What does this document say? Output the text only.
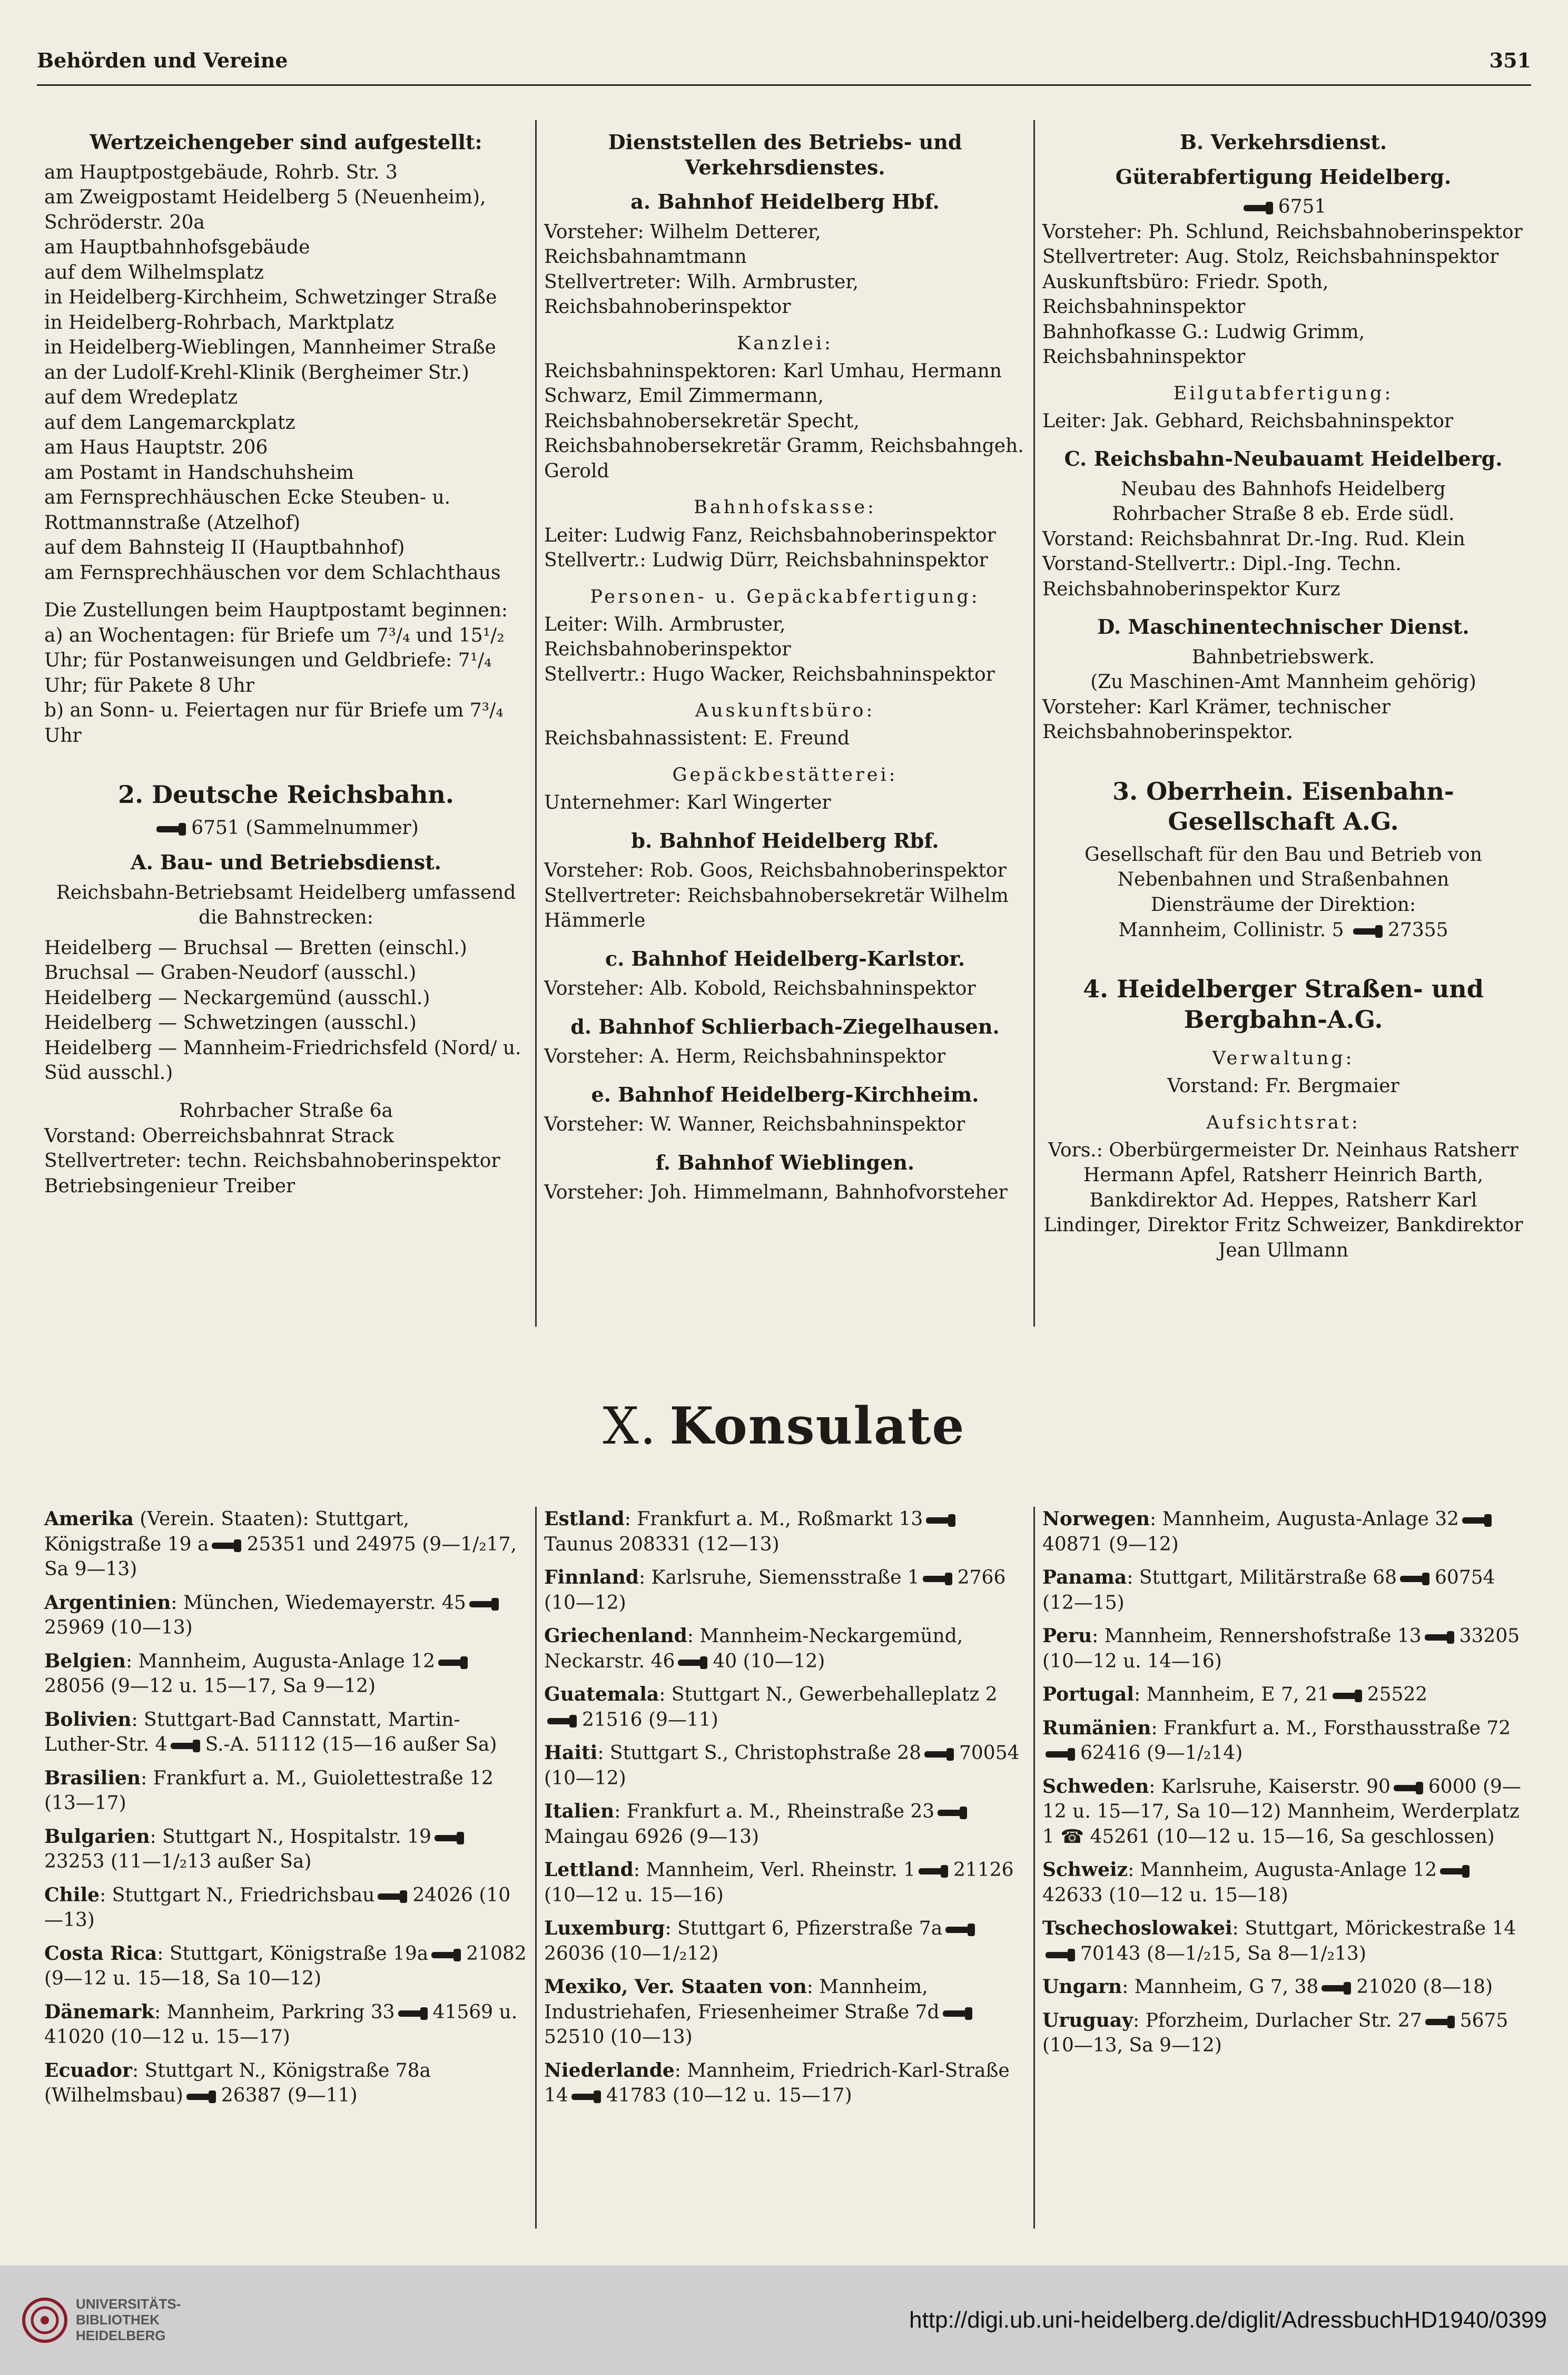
Behörden und Vereine	351

Wertzeichengeber sind aufgestellt:

am Hauptpostgebäude, Rohrb. Str. 3

am Zweigpostamt Heidelberg 5 (Neuenheim), Schröderstr. 20a

am Hauptbahnhofsgebäude

auf dem Wilhelmsplatz

in Heidelberg-Kirchheim, Schwetzinger Straße

in Heidelberg-Rohrbach, Marktplatz

in Heidelberg-Wieblingen, Mannheimer Straße

an der Ludolf-Krehl-Klinik (Bergheimer Str.)

auf dem Wredeplatz

auf dem Langemarckplatz

am Haus Hauptstr. 206

am Postamt in Handschuhsheim

am Fernsprechhäuschen Ecke Steuben- u. Rottmannstraße (Atzelhof)

auf dem Bahnsteig II (Hauptbahnhof)

am Fernsprechhäuschen vor dem Schlachthaus

Die Zustellungen beim Hauptpostamt beginnen:

a) an Wochentagen: für Briefe um 7³/₄ und 15¹/₂ Uhr; für Postanweisungen und Geldbriefe: 7¹/₄ Uhr; für Pakete 8 Uhr

b) an Sonn- u. Feiertagen nur für Briefe um 7³/₄ Uhr

2. Deutsche Reichsbahn.

6751 (Sammelnummer)

A. Bau- und Betriebsdienst.

Reichsbahn-Betriebsamt Heidelberg umfassend die Bahnstrecken:

Heidelberg — Bruchsal — Bretten (einschl.)

Bruchsal — Graben-Neudorf (ausschl.)

Heidelberg — Neckargemünd (ausschl.)

Heidelberg — Schwetzingen (ausschl.)

Heidelberg — Mannheim-Friedrichsfeld (Nord/ u. Süd ausschl.)

Rohrbacher Straße 6a

Vorstand: Oberreichsbahnrat Strack

Stellvertreter: techn. Reichsbahnoberinspektor Betriebsingenieur Treiber

Dienststellen des Betriebs- und Verkehrsdienstes.

a. Bahnhof Heidelberg Hbf.

Vorsteher: Wilhelm Detterer, Reichsbahnamtmann

Stellvertreter: Wilh. Armbruster, Reichsbahnoberinspektor

Kanzlei:

Reichsbahninspektoren: Karl Umhau, Hermann Schwarz, Emil Zimmermann, Reichsbahnobersekretär Specht, Reichsbahnobersekretär Gramm, Reichsbahngeh. Gerold

Bahnhofskasse:

Leiter: Ludwig Fanz, Reichsbahnoberinspektor

Stellvertr.: Ludwig Dürr, Reichsbahninspektor

Personen- u. Gepäckabfertigung:

Leiter: Wilh. Armbruster, Reichsbahnoberinspektor

Stellvertr.: Hugo Wacker, Reichsbahninspektor

Auskunftsbüro:

Reichsbahnassistent: E. Freund

Gepäckbestätterei:

Unternehmer: Karl Wingerter

b. Bahnhof Heidelberg Rbf.

Vorsteher: Rob. Goos, Reichsbahnoberinspektor

Stellvertreter: Reichsbahnobersekretär Wilhelm Hämmerle

c. Bahnhof Heidelberg-Karlstor.

Vorsteher: Alb. Kobold, Reichsbahninspektor

d. Bahnhof Schlierbach-Ziegelhausen.

Vorsteher: A. Herm, Reichsbahninspektor

e. Bahnhof Heidelberg-Kirchheim.

Vorsteher: W. Wanner, Reichsbahninspektor

f. Bahnhof Wieblingen.

Vorsteher: Joh. Himmelmann, Bahnhofvorsteher

B. Verkehrsdienst.

Güterabfertigung Heidelberg.

6751

Vorsteher: Ph. Schlund, Reichsbahnoberinspektor

Stellvertreter: Aug. Stolz, Reichsbahninspektor

Auskunftsbüro: Friedr. Spoth, Reichsbahninspektor

Bahnhofkasse G.: Ludwig Grimm, Reichsbahninspektor

Eilgutabfertigung:

Leiter: Jak. Gebhard, Reichsbahninspektor

C. Reichsbahn-Neubauamt Heidelberg.

Neubau des Bahnhofs Heidelberg

Rohrbacher Straße 8 eb. Erde südl.

Vorstand: Reichsbahnrat Dr.-Ing. Rud. Klein

Vorstand-Stellvertr.: Dipl.-Ing. Techn. Reichsbahnoberinspektor Kurz

D. Maschinentechnischer Dienst.

Bahnbetriebswerk.

(Zu Maschinen-Amt Mannheim gehörig)

Vorsteher: Karl Krämer, technischer Reichsbahnoberinspektor.

3. Oberrhein. Eisenbahn-Gesellschaft A.G.

Gesellschaft für den Bau und Betrieb von Nebenbahnen und Straßenbahnen

Diensträume der Direktion:

Mannheim, Collinistr. 5 27355

4. Heidelberger Straßen- und Bergbahn-A.G.

Verwaltung:

Vorstand: Fr. Bergmaier

Aufsichtsrat:

Vors.: Oberbürgermeister Dr. Neinhaus Ratsherr Hermann Apfel, Ratsherr Heinrich Barth, Bankdirektor Ad. Heppes, Ratsherr Karl Lindinger, Direktor Fritz Schweizer, Bankdirektor Jean Ullmann

X. Konsulate

Amerika (Verein. Staaten): Stuttgart, Königstraße 19 a 25351 und 24975 (9—1/₂17, Sa 9—13)

Argentinien: München, Wiedemayerstr. 4525969 (10—13)

Belgien: Mannheim, Augusta-Anlage 1228056 (9—12 u. 15—17, Sa 9—12)

Bolivien: Stuttgart-Bad Cannstatt, Martin-Luther-Str. 4 S.-A. 51112 (15—16 außer Sa)

Brasilien: Frankfurt a. M., Guiolettestraße 12 (13—17)

Bulgarien: Stuttgart N., Hospitalstr. 1923253 (11—1/₂13 außer Sa)

Chile: Stuttgart N., Friedrichsbau 24026 (10—13)

Costa Rica: Stuttgart, Königstraße 19a 21082 (9—12 u. 15—18, Sa 10—12)

Dänemark: Mannheim, Parkring 33 41569 u. 41020 (10—12 u. 15—17)

Ecuador: Stuttgart N., Königstraße 78a (Wilhelmsbau) 26387 (9—11)

Estland: Frankfurt a. M., Roßmarkt 13Taunus 208331 (12—13)

Finnland: Karlsruhe, Siemensstraße 1 2766 (10—12)

Griechenland: Mannheim-Neckargemünd, Neckarstr. 46 40 (10—12)

Guatemala: Stuttgart N., Gewerbehalleplatz 221516 (9—11)

Haiti: Stuttgart S., Christophstraße 28 70054 (10—12)

Italien: Frankfurt a. M., Rheinstraße 23Maingau 6926 (9—13)

Lettland: Mannheim, Verl. Rheinstr. 1 21126 (10—12 u. 15—16)

Luxemburg: Stuttgart 6, Pfizerstraße 7a26036 (10—1/₂12)

Mexiko, Ver. Staaten von: Mannheim, Industriehafen, Friesenheimer Straße 7d52510 (10—13)

Niederlande: Mannheim, Friedrich-Karl-Straße 14 41783 (10—12 u. 15—17)

Norwegen: Mannheim, Augusta-Anlage 3240871 (9—12)

Panama: Stuttgart, Militärstraße 68 60754 (12—15)

Peru: Mannheim, Rennershofstraße 13 33205 (10—12 u. 14—16)

Portugal: Mannheim, E 7, 21 25522

Rumänien: Frankfurt a. M., Forsthausstraße 7262416 (9—1/₂14)

Schweden: Karlsruhe, Kaiserstr. 90 6000 (9—12 u. 15—17, Sa 10—12) Mannheim, Werderplatz 1 ☎ 45261 (10—12 u. 15—16, Sa geschlossen)

Schweiz: Mannheim, Augusta-Anlage 1242633 (10—12 u. 15—18)

Tschechoslowakei: Stuttgart, Mörickestraße 1470143 (8—1/₂15, Sa 8—1/₂13)

Ungarn: Mannheim, G 7, 38 21020 (8—18)

Uruguay: Pforzheim, Durlacher Str. 27 5675 (10—13, Sa 9—12)

UNIVERSITÄTS-
BIBLIOTHEK
HEIDELBERG
http://digi.ub.uni-heidelberg.de/diglit/AdressbuchHD1940/0399
